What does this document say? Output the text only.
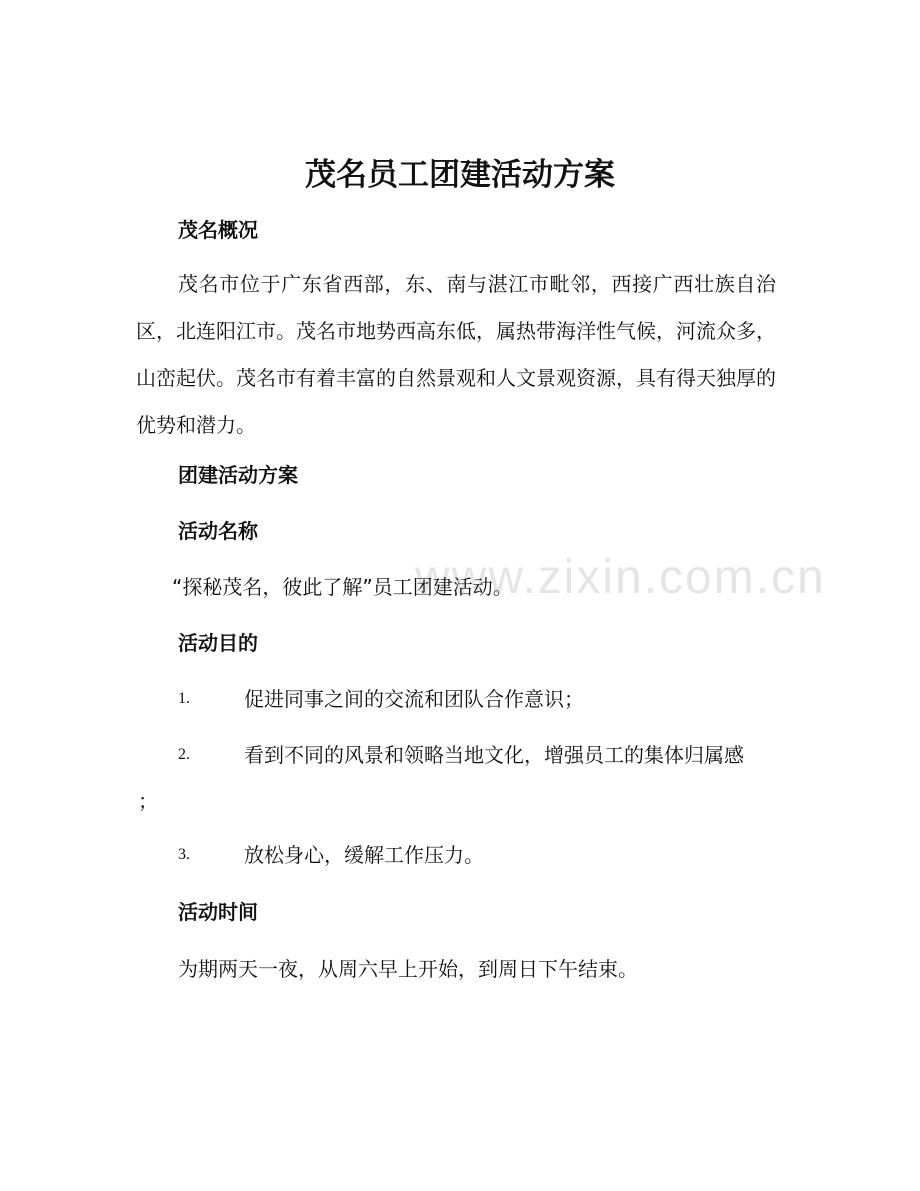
www.zixin.com.cn
茂名员工团建活动方案
茂名概况

茂名市位于广东省西部，东、南与湛江市毗邻，西接广西壮族自治区，北连阳江市。茂名市地势西高东低，属热带海洋性气候，河流众多，山峦起伏。茂名市有着丰富的自然景观和人文景观资源，具有得天独厚的优势和潜力。

团建活动方案
活动名称
“探秘茂名，彼此了解”员工团建活动。
活动目的
1.	促进同事之间的交流和团队合作意识；
2.	看到不同的风景和领略当地文化，增强员工的集体归属感
；
3.	放松身心，缓解工作压力。
活动时间
为期两天一夜，从周六早上开始，到周日下午结束。
